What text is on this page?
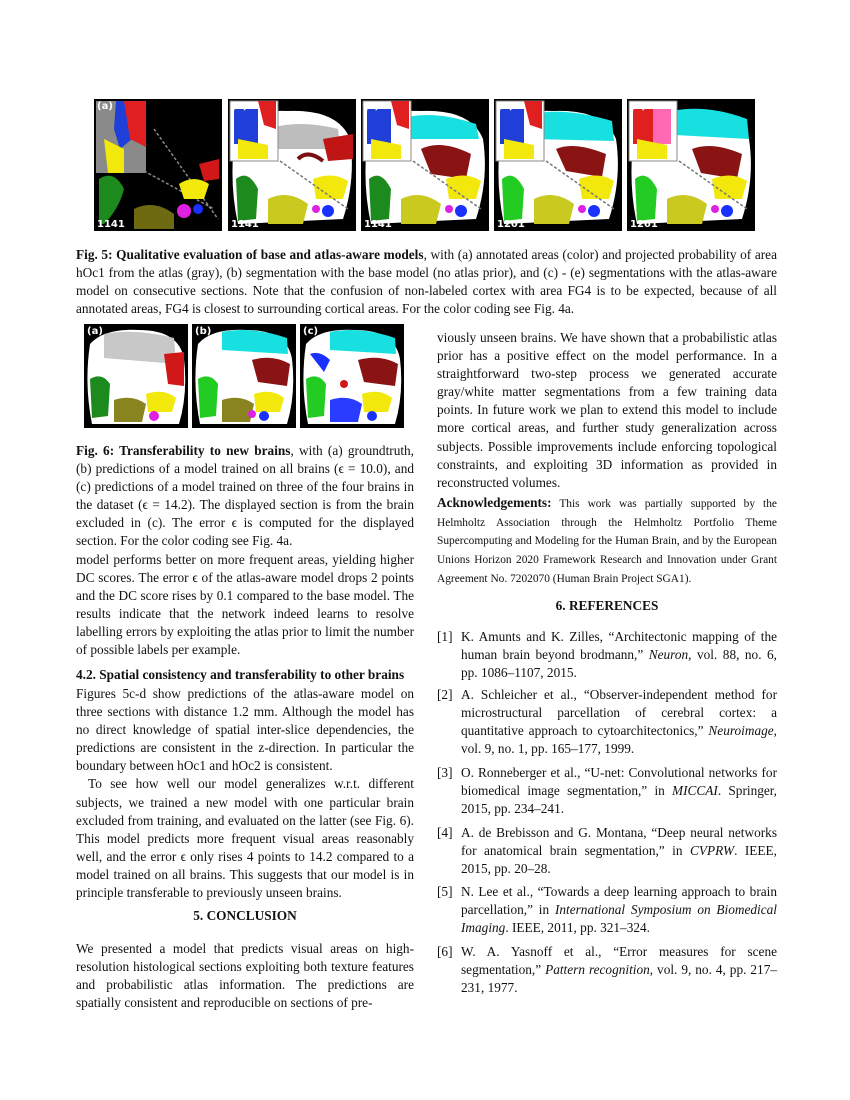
(a)
1141
(b)
1141
(c)
1141
(d)
1201
(e)
1261
Fig. 5: Qualitative evaluation of base and atlas-aware models, with (a) annotated areas (color) and projected probability of area hOc1 from the atlas (gray), (b) segmentation with the base model (no atlas prior), and (c) - (e) segmentations with the atlas-aware model on consecutive sections. Note that the confusion of non-labeled cortex with area FG4 is to be expected, because of all annotated areas, FG4 is closest to surrounding cortical areas. For the color coding see Fig. 4a.
(a)	(b)	(c)
Fig. 6: Transferability to new brains, with (a) groundtruth, (b) predictions of a model trained on all brains (ϵ = 10.0), and (c) predictions of a model trained on three of the four brains in the dataset (ϵ = 14.2). The displayed section is from the brain excluded in (c). The error ϵ is computed for the displayed section. For the color coding see Fig. 4a.
model performs better on more frequent areas, yielding higher DC scores. The error ϵ of the atlas-aware model drops 2 points and the DC score rises by 0.1 compared to the base model. The results indicate that the network indeed learns to resolve labelling errors by exploiting the atlas prior to limit the number of possible labels per example.
4.2. Spatial consistency and transferability to other brains

Figures 5c-d show predictions of the atlas-aware model on three sections with distance 1.2 mm. Although the model has no direct knowledge of spatial inter-slice dependencies, the predictions are consistent in the z-direction. In particular the boundary between hOc1 and hOc2 is consistent.

To see how well our model generalizes w.r.t. different subjects, we trained a new model with one particular brain excluded from training, and evaluated on the latter (see Fig. 6). This model predicts more frequent visual areas reasonably well, and the error ϵ only rises 4 points to 14.2 compared to a model trained on all brains. This suggests that our model is in principle transferable to previously unseen brains.

5. CONCLUSION
We presented a model that predicts visual areas on high-resolution histological sections exploiting both texture features and probabilistic atlas information. The predictions are spatially consistent and reproducible on sections of pre-
viously unseen brains. We have shown that a probabilistic atlas prior has a positive effect on the model performance. In a straightforward two-step process we generated accurate gray/white matter segmentations from a few training data points. In future work we plan to extend this model to include more cortical areas, and further study generalization across subjects. Possible improvements include enforcing topological constraints, and exploiting 3D information as provided in reconstructed volumes.
Acknowledgements: This work was partially supported by the Helmholtz Association through the Helmholtz Portfolio Theme Supercomputing and Modeling for the Human Brain, and by the European Unions Horizon 2020 Framework Research and Innovation under Grant Agreement No. 7202070 (Human Brain Project SGA1).
6. REFERENCES
[1] K. Amunts and K. Zilles, “Architectonic mapping of the human brain beyond brodmann,” Neuron, vol. 88, no. 6, pp. 1086–1107, 2015.
[2] A. Schleicher et al., “Observer-independent method for microstructural parcellation of cerebral cortex: a quantitative approach to cytoarchitectonics,” Neuroimage, vol. 9, no. 1, pp. 165–177, 1999.
[3] O. Ronneberger et al., “U-net: Convolutional networks for biomedical image segmentation,” in MICCAI. Springer, 2015, pp. 234–241.
[4] A. de Brebisson and G. Montana, “Deep neural networks for anatomical brain segmentation,” in CVPRW. IEEE, 2015, pp. 20–28.
[5] N. Lee et al., “Towards a deep learning approach to brain parcellation,” in International Symposium on Biomedical Imaging. IEEE, 2011, pp. 321–324.
[6] W. A. Yasnoff et al., “Error measures for scene segmentation,” Pattern recognition, vol. 9, no. 4, pp. 217–231, 1977.
